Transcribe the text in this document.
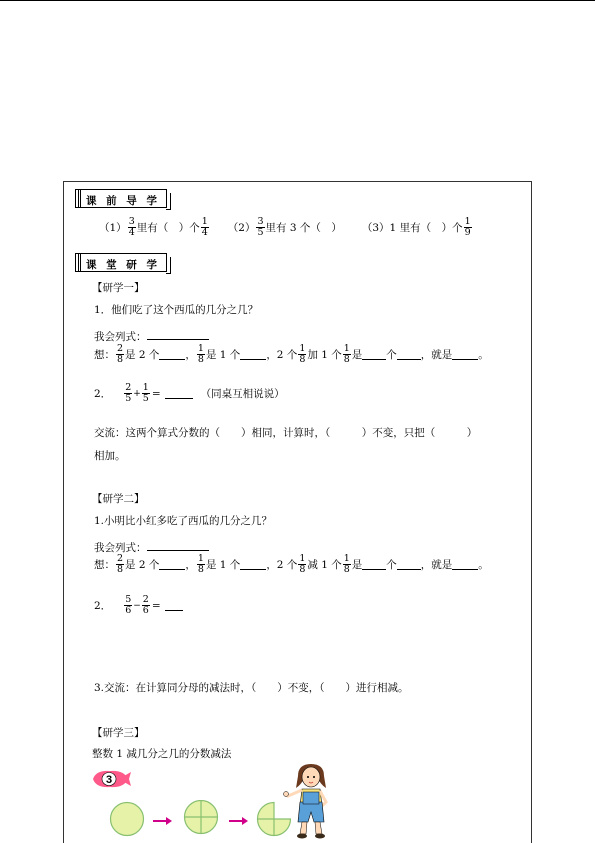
课 前 导 学
$(1) \frac{3}{4}$ 里有（　）个 $\frac{1}{4} (2) \frac{3}{5}$ 里有 3 个（　） （3）1 里有（　）个 $\frac{1}{9}$
课 堂 研 学
【研学一】
1．他们吃了这个西瓜的几分之几？
我会列式：
想： $\frac{2}{8}$ 是 2 个 ， $\frac{1}{8}$ 是 1 个 ，2 个 $\frac{1}{8}$ 加 1 个 $\frac{1}{8}$ 是 个 ，就是 。
2． $\frac{2}{5} + \frac{1}{5}$ =	（同桌互相说说）
交流：这两个算式分数的（　　）相同，计算时，（　　　）不变，只把（　　　）
相加。
【研学二】
1.小明比小红多吃了西瓜的几分之几？
我会列式：
想： $\frac{2}{8}$ 是 2 个 ， $\frac{1}{8}$ 是 1 个 ，2 个 $\frac{1}{8}$ 减 1 个 $\frac{1}{8}$ 是 个 ，就是 。
2． $\frac{5}{6} - \frac{2}{6}$ =
3.交流：在计算同分母的减法时，（　　）不变，（　　）进行相减。
【研学三】
整数 1 减几分之几的分数减法
3
